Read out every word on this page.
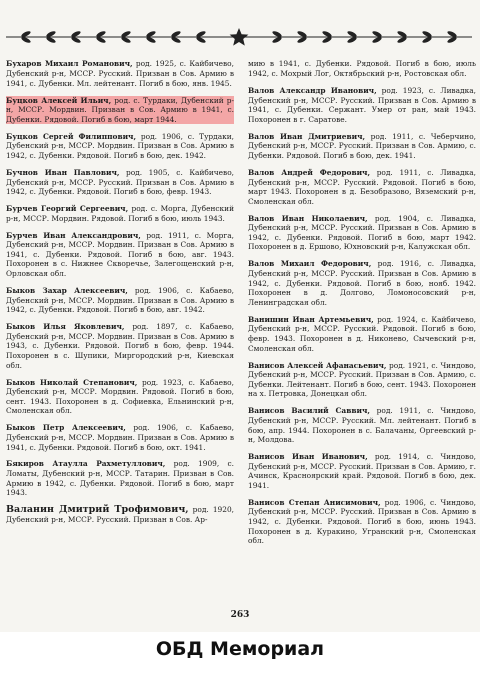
Бухаров Михаил Романович, род. 1925, с. Кайбичево, Дубенский р-н, МССР. Русский. Призван в Сов. Армию в 1941, с. Дубенки. Мл. лейтенант. Погиб в бою, янв. 1945.

Буцков Алексей Ильич, род. с. Турдаки, Дубенский р-н, МССР. Мордвин. Призван в Сов. Армию в 1941, с. Дубенки. Рядовой. Погиб в бою, март 1944.

Буцков Сергей Филиппович, род. 1906, с. Турдаки, Дубенский р-н, МССР. Мордвин. Призван в Сов. Армию в 1942, с. Дубенки. Рядовой. Погиб в бою, дек. 1942.

Бучнов Иван Павлович, род. 1905, с. Кайбичево, Дубенский р-н, МССР. Русский. Призван в Сов. Армию в 1942, с. Дубенки. Рядовой. Погиб в бою, февр. 1943.

Бурчев Георгий Сергеевич, род. с. Морга, Дубенский р-н, МССР. Мордвин. Рядовой. Погиб в бою, июль 1943.

Бурчев Иван Александрович, род. 1911, с. Морга, Дубенский р-н, МССР. Мордвин. Призван в Сов. Армию в 1941, с. Дубенки. Рядовой. Погиб в бою, авг. 1943. Похоронен в с. Нижнее Скворечье, Залегощенский р-н, Орловская обл.

Быков Захар Алексеевич, род. 1906, с. Кабаево, Дубенский р-н, МССР. Мордвин. Призван в Сов. Армию в 1942, с. Дубенки. Рядовой. Погиб в бою, авг. 1942.

Быков Илья Яковлевич, род. 1897, с. Кабаево, Дубенский р-н, МССР. Мордвин. Призван в Сов. Армию в 1943, с. Дубенки. Рядовой. Погиб в бою, февр. 1944. Похоронен в с. Шупики, Миргородский р-н, Киевская обл.

Быков Николай Степанович, род. 1923, с. Кабаево, Дубенский р-н, МССР. Мордвин. Рядовой. Погиб в бою, сент. 1943. Похоронен в д. Софиевка, Ельнинский р-н, Смоленская обл.

Быков Петр Алексеевич, род. 1906, с. Кабаево, Дубенский р-н, МССР. Мордвин. Призван в Сов. Армию в 1941, с. Дубенки. Рядовой. Погиб в бою, окт. 1941.

Бякиров Атаулла Рахметуллович, род. 1909, с. Ломаты, Дубенский р-н, МССР. Татарин. Призван в Сов. Армию в 1942, с. Дубенки. Рядовой. Погиб в бою, март 1943.

Валанин Дмитрий Трофимович, род. 1920, Дубенский р-н, МССР. Русский. Призван в Сов. Ар-

мию в 1941, с. Дубенки. Рядовой. Погиб в бою, июль 1942, с. Мохрый Лог, Октябрьский р-н, Ростовская обл.

Валов Александр Иванович, род. 1923, с. Ливадка, Дубенский р-н, МССР. Русский. Призван в Сов. Армию в 1941, с. Дубенки. Сержант. Умер от ран, май 1943. Похоронен в г. Саратове.

Валов Иван Дмитриевич, род. 1911, с. Чеберчино, Дубенский р-н, МССР. Русский. Призван в Сов. Армию, с. Дубенки. Рядовой. Погиб в бою, дек. 1941.

Валов Андрей Федорович, род. 1911, с. Ливадка, Дубенский р-н, МССР. Русский. Рядовой. Погиб в бою, март 1943. Похоронен в д. Безобразово, Вяземский р-н, Смоленская обл.

Валов Иван Николаевич, род. 1904, с. Ливадка, Дубенский р-н, МССР. Русский. Призван в Сов. Армию в 1942, с. Дубенки. Рядовой. Погиб в бою, март 1942. Похоронен в д. Ершово, Юхновский р-н, Калужская обл.

Валов Михаил Федорович, род. 1916, с. Ливадка, Дубенский р-н, МССР. Русский. Призван в Сов. Армию в 1942, с. Дубенки. Рядовой. Погиб в бою, нояб. 1942. Похоронен в д. Долгово, Ломоносовский р-н, Ленинградская обл.

Ванишин Иван Артемьевич, род. 1924, с. Кайбичево, Дубенский р-н, МССР. Русский. Рядовой. Погиб в бою, февр. 1943. Похоронен в д. Никонево, Сычевский р-н, Смоленская обл.

Ванисов Алексей Афанасьевич, род. 1921, с. Чиндово, Дубенский р-н, МССР. Русский. Призван в Сов. Армию, с. Дубенки. Лейтенант. Погиб в бою, сент. 1943. Похоронен на х. Петровка, Донецкая обл.

Ванисов Василий Саввич, род. 1911, с. Чиндово, Дубенский р-н, МССР. Русский. Мл. лейтенант. Погиб в бою, апр. 1944. Похоронен в с. Балачаны, Оргеевский р-н, Молдова.

Ванисов Иван Иванович, род. 1914, с. Чиндово, Дубенский р-н, МССР. Русский. Призван в Сов. Армию, г. Ачинск, Красноярский край. Рядовой. Погиб в бою, дек. 1941.

Ванисов Степан Анисимович, род. 1906, с. Чиндово, Дубенский р-н, МССР. Русский. Призван в Сов. Армию в 1942, с. Дубенки. Рядовой. Погиб в бою, июнь 1943. Похоронен в д. Куракино, Угранский р-н, Смоленская обл.

263
ОБД Мемориал
